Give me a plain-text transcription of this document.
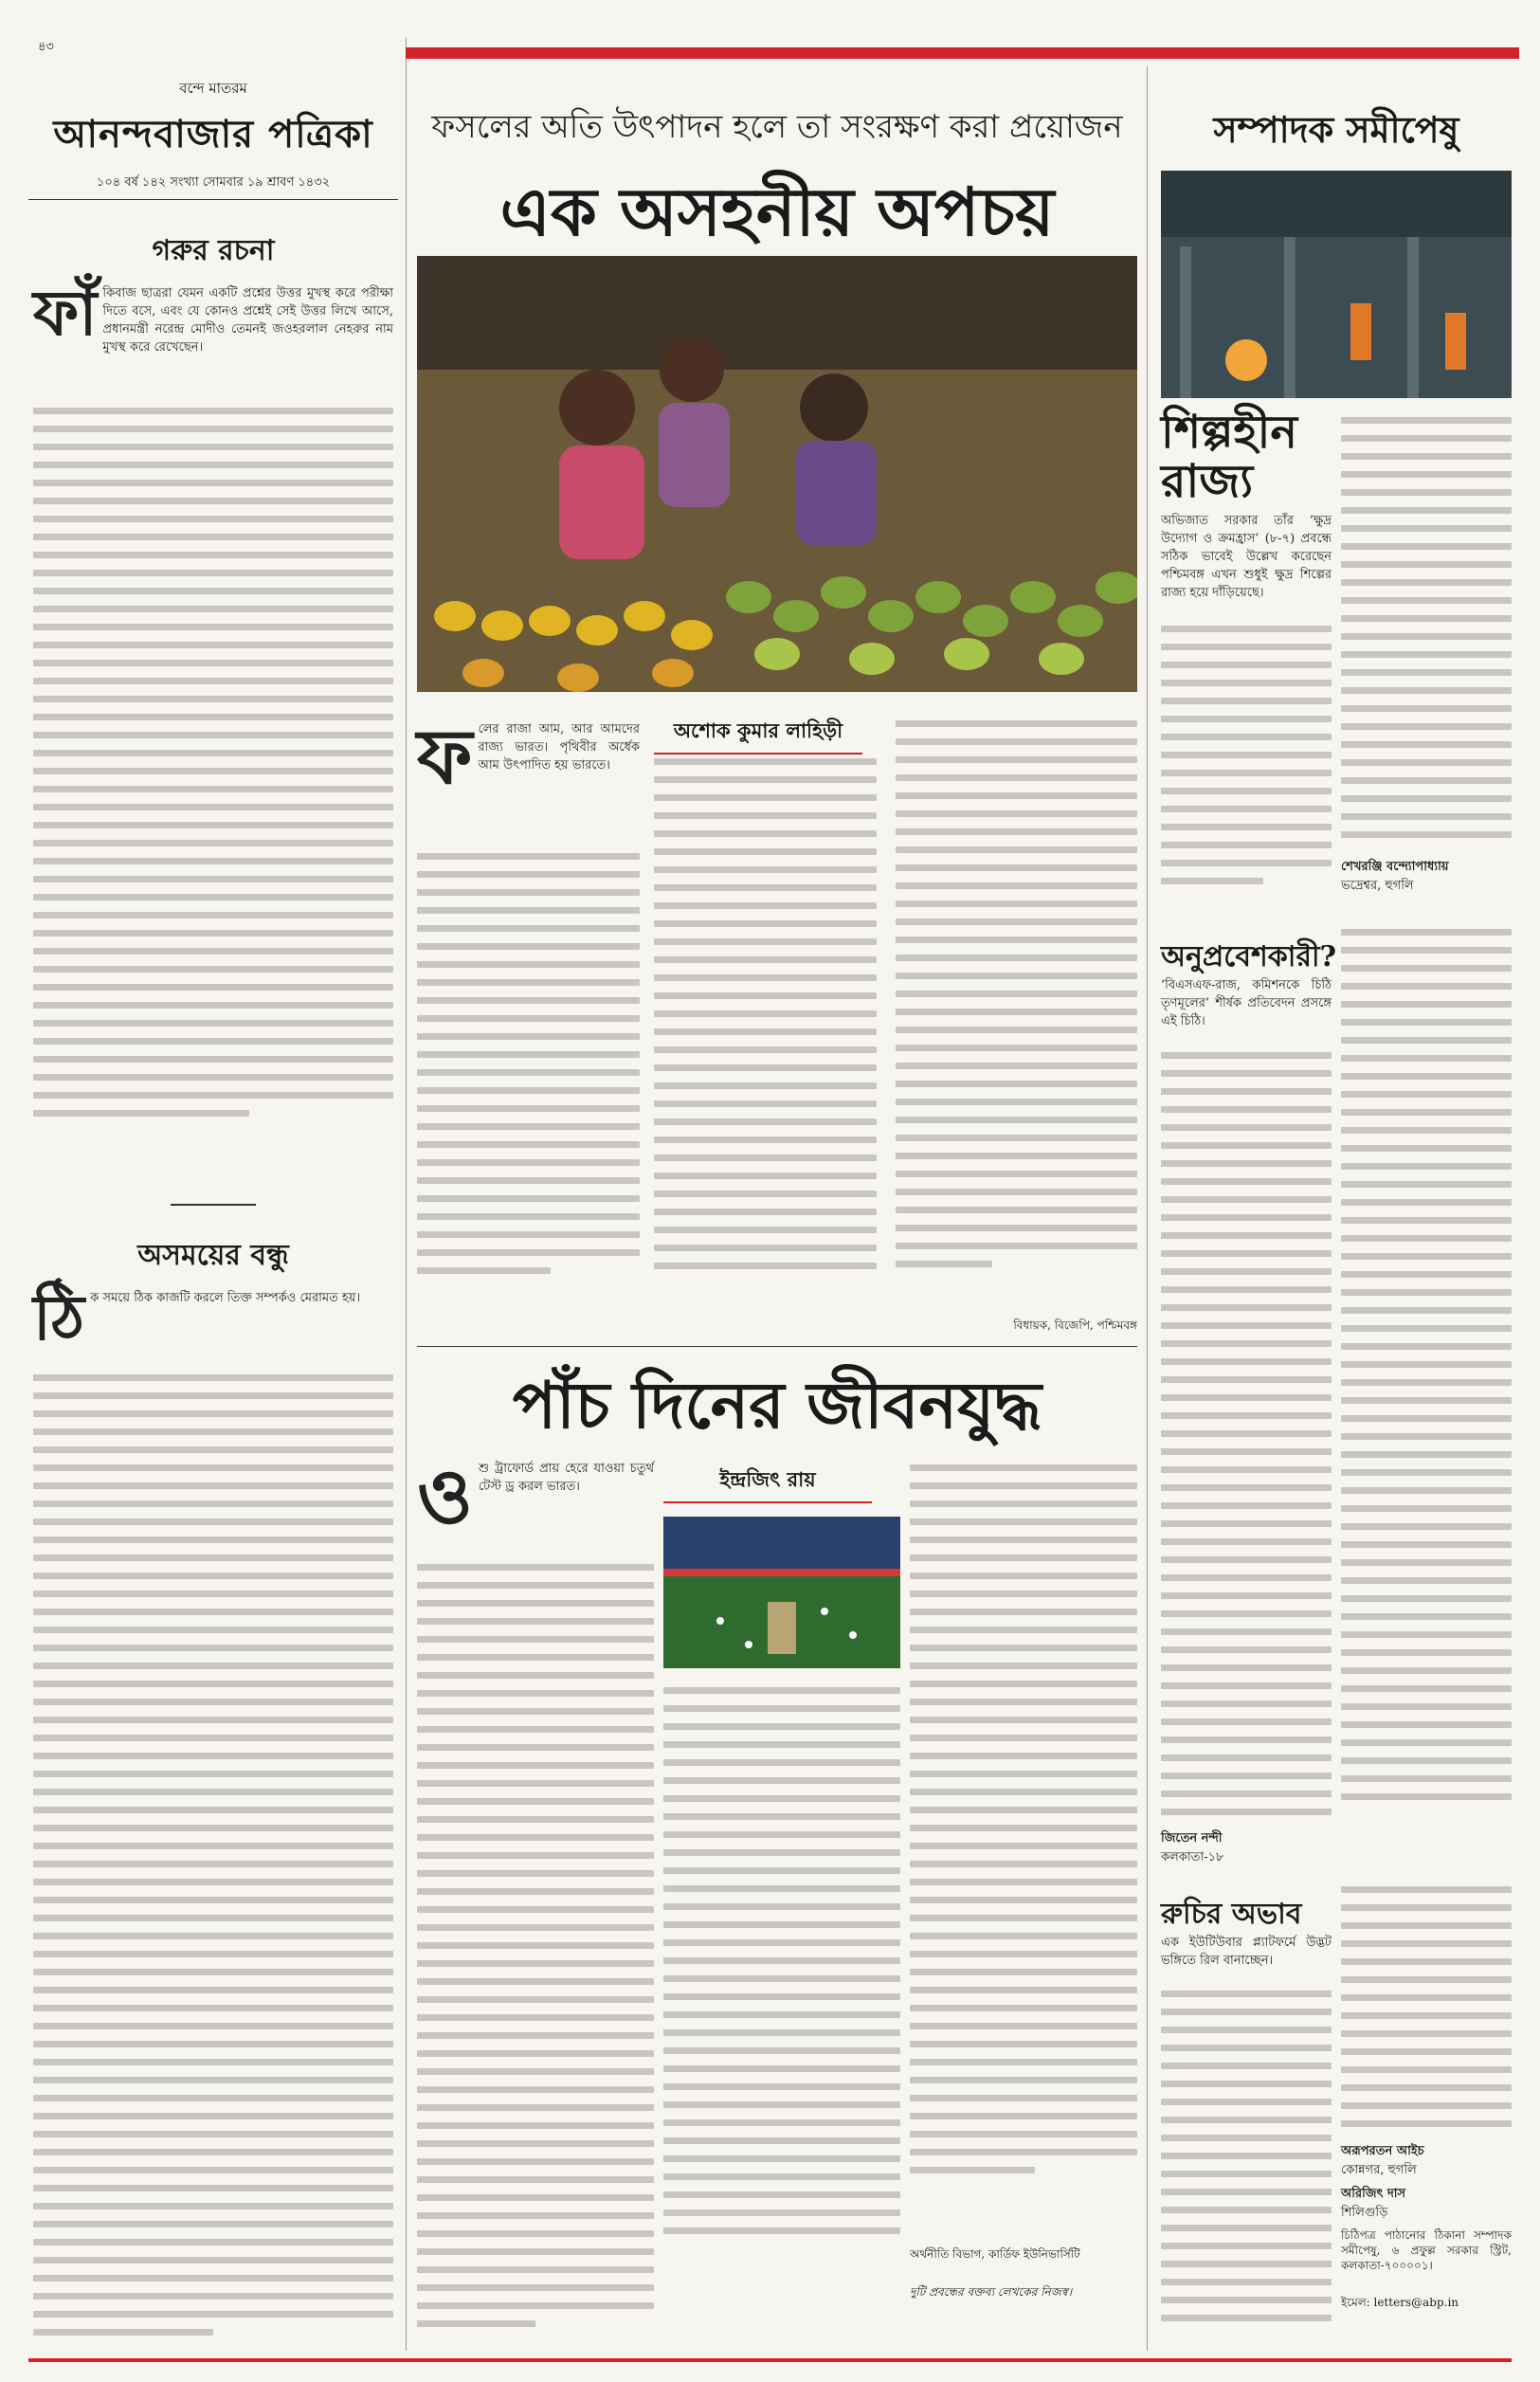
৪৩
বন্দে মাতরম
আনন্দবাজার পত্রিকা
১০৪ বর্ষ ১৪২ সংখ্যা সোমবার ১৯ শ্রাবণ ১৪৩২
গরুর রচনা
ফাঁ কিবাজ ছাত্ররা যেমন একটি প্রশ্নের উত্তর মুখস্থ করে পরীক্ষা দিতে বসে, এবং যে কোনও প্রশ্নেই সেই উত্তর লিখে আসে, প্রধানমন্ত্রী নরেন্দ্র মোদীও তেমনই জওহরলাল নেহরুর নাম মুখস্থ করে রেখেছেন।
অসময়ের বন্ধু
ঠি ক সময়ে ঠিক কাজটি করলে তিক্ত সম্পর্কও মেরামত হয়।
ফসলের অতি উৎপাদন হলে তা সংরক্ষণ করা প্রয়োজন
এক অসহনীয় অপচয়
ফ লের রাজা আম, আর আমদের রাজ্য ভারত। পৃথিবীর অর্ধেক আম উৎপাদিত হয় ভারতে।
অশোক কুমার লাহিড়ী
বিধায়ক, বিজেপি, পশ্চিমবঙ্গ
পাঁচ দিনের জীবনযুদ্ধ
ও শু ট্রাফোর্ড প্রায় হেরে যাওয়া চতুর্থ টেস্ট ড্র করল ভারত।	ইন্দ্রজিৎ রায়
অর্থনীতি বিভাগ, কার্ডিফ ইউনিভার্সিটি
দুটি প্রবন্ধের বক্তব্য লেখকের নিজস্ব।
সম্পাদক সমীপেষু
শিল্পহীন রাজ্য
অভিজাত সরকার তাঁর ‘ক্ষুদ্র উদ্যোগ ও ক্রমহ্রাস’ (৮-৭) প্রবন্ধে সঠিক ভাবেই উল্লেখ করেছেন পশ্চিমবঙ্গ এখন শুধুই ক্ষুদ্র শিল্পের রাজ্য হয়ে দাঁড়িয়েছে।
শেখরঞ্জি বন্দ্যোপাধ্যায়
ভদ্রেশ্বর, হুগলি
অনুপ্রবেশকারী?
‘বিএসএফ-রাজ, কমিশনকে চিঠি তৃণমূলের’ শীর্ষক প্রতিবেদন প্রসঙ্গে এই চিঠি।
জিতেন নন্দী
কলকাতা-১৮
রুচির অভাব
এক ইউটিউবার প্ল্যাটফর্মে উদ্ভট ভঙ্গিতে রিল বানাচ্ছেন।
অরূপরতন আইচ
কোন্নগর, হুগলি
অরিজিৎ দাস
শিলিগুড়ি
চিঠিপত্র পাঠানোর ঠিকানা সম্পাদক সমীপেষু, ৬ প্রফুল্ল সরকার স্ট্রিট, কলকাতা-৭০০০০১।
ইমেল: letters@abp.in
